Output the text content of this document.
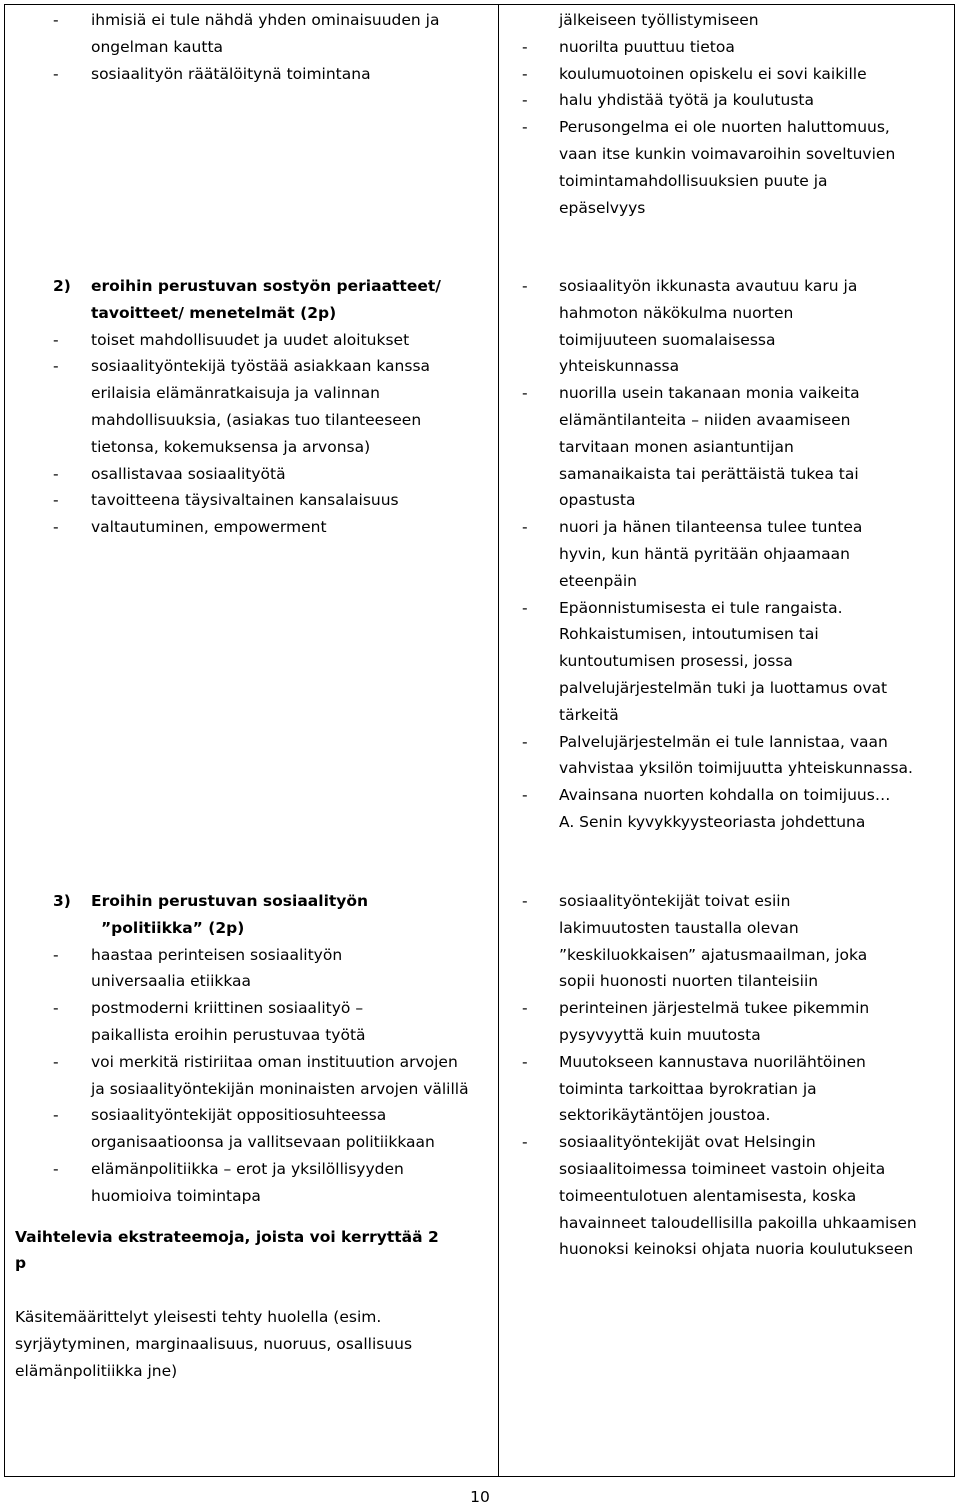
- ihmisiä ei tule nähdä yhden ominaisuuden ja ongelman kautta
- sosiaalityön räätälöitynä toimintana
jälkeiseen työllistymiseen
- nuorilta puuttuu tietoa
- koulumuotoinen opiskelu ei sovi kaikille
- halu yhdistää työtä ja koulutusta
- Perusongelma ei ole nuorten haluttomuus, vaan itse kunkin voimavaroihin soveltuvien toimintamahdollisuuksien puute ja epäselvyys
2) eroihin perustuvan sostyön periaatteet/
tavoitteet/ menetelmät (2p)
- toiset mahdollisuudet ja uudet aloitukset
- sosiaalityöntekijä työstää asiakkaan kanssa erilaisia elämänratkaisuja ja valinnan mahdollisuuksia, (asiakas tuo tilanteeseen tietonsa, kokemuksensa ja arvonsa)
- osallistavaa sosiaalityötä
- tavoitteena täysivaltainen kansalaisuus
- valtautuminen, empowerment
- sosiaalityön ikkunasta avautuu karu ja hahmoton näkökulma nuorten toimijuuteen suomalaisessa yhteiskunnassa
- nuorilla usein takanaan monia vaikeita elämäntilanteita – niiden avaamiseen tarvitaan monen asiantuntijan samanaikaista tai perättäistä tukea tai opastusta
- nuori ja hänen tilanteensa tulee tuntea hyvin, kun häntä pyritään ohjaamaan eteenpäin
- Epäonnistumisesta ei tule rangaista. Rohkaistumisen, intoutumisen tai kuntoutumisen prosessi, jossa palvelujärjestelmän tuki ja luottamus ovat tärkeitä
- Palvelujärjestelmän ei tule lannistaa, vaan vahvistaa yksilön toimijuutta yhteiskunnassa.
- Avainsana nuorten kohdalla on toimijuus… A. Senin kyvykkyysteoriasta johdettuna
3) Eroihin perustuvan sosiaalityön
”politiikka” (2p)
- haastaa perinteisen sosiaalityön universaalia etiikkaa
- postmoderni kriittinen sosiaalityö – paikallista eroihin perustuvaa työtä
- voi merkitä ristiriitaa oman instituution arvojen ja sosiaalityöntekijän moninaisten arvojen välillä
- sosiaalityöntekijät oppositiosuhteessa organisaatioonsa ja vallitsevaan politiikkaan
- elämänpolitiikka – erot ja yksilöllisyyden huomioiva toimintapa
Vaihtelevia ekstrateemoja, joista voi kerryttää 2 p
Käsitemäärittelyt yleisesti tehty huolella (esim. syrjäytyminen, marginaalisuus, nuoruus, osallisuus elämänpolitiikka jne)
- sosiaalityöntekijät toivat esiin lakimuutosten taustalla olevan ”keskiluokkaisen” ajatusmaailman, joka sopii huonosti nuorten tilanteisiin
- perinteinen järjestelmä tukee pikemmin pysyvyyttä kuin muutosta
- Muutokseen kannustava nuorilähtöinen toiminta tarkoittaa byrokratian ja sektorikäytäntöjen joustoa.
- sosiaalityöntekijät ovat Helsingin sosiaalitoimessa toimineet vastoin ohjeita toimeentulotuen alentamisesta, koska havainneet taloudellisilla pakoilla uhkaamisen huonoksi keinoksi ohjata nuoria koulutukseen
10
